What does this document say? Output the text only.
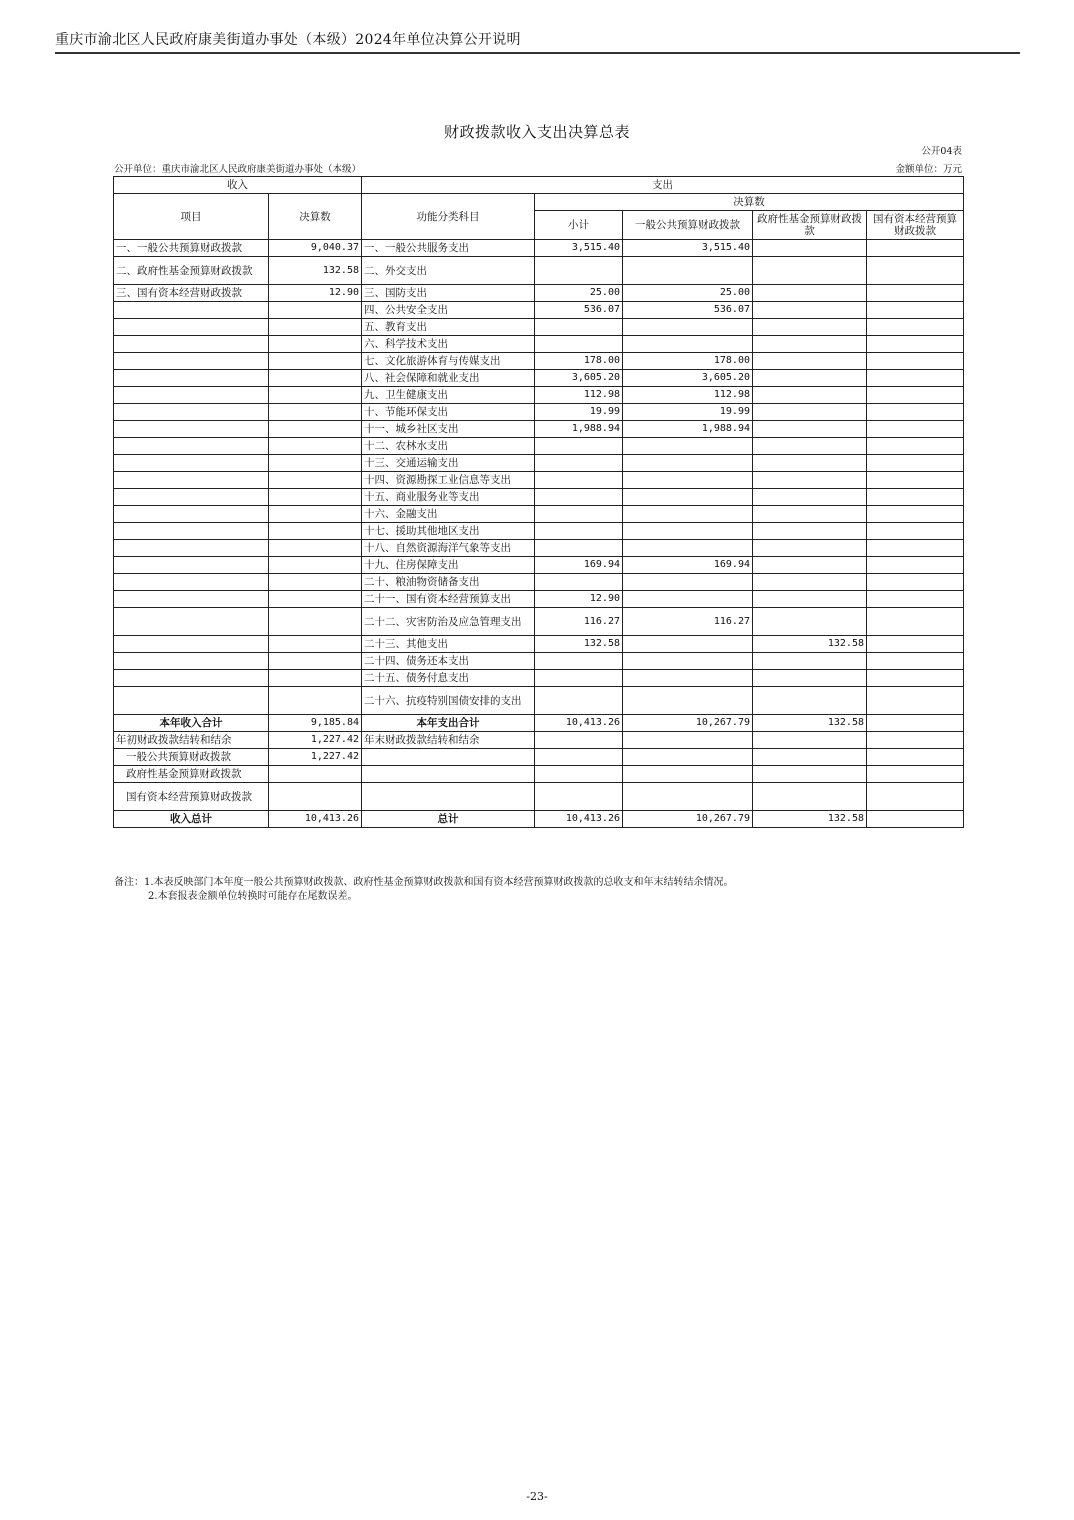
重庆市渝北区人民政府康美街道办事处（本级）2024年单位决算公开说明
财政拨款收入支出决算总表
公开04表
公开单位：重庆市渝北区人民政府康美街道办事处（本级）	金额单位：万元
收入		支出				
项目	决算数	功能分类科目	决算数			
			小计	一般公共预算财政拨款	政府性基金预算财政拨款	国有资本经营预算财政拨款
一、一般公共预算财政拨款	9,040.37	一、一般公共服务支出	3,515.40	3,515.40		
二、政府性基金预算财政拨款	132.58	二、外交支出				
三、国有资本经营财政拨款	12.90	三、国防支出	25.00	25.00		
		四、公共安全支出	536.07	536.07		
		五、教育支出				
		六、科学技术支出				
		七、文化旅游体育与传媒支出	178.00	178.00		
		八、社会保障和就业支出	3,605.20	3,605.20		
		九、卫生健康支出	112.98	112.98		
		十、节能环保支出	19.99	19.99		
		十一、城乡社区支出	1,988.94	1,988.94		
		十二、农林水支出				
		十三、交通运输支出				
		十四、资源勘探工业信息等支出				
		十五、商业服务业等支出				
		十六、金融支出				
		十七、援助其他地区支出				
		十八、自然资源海洋气象等支出				
		十九、住房保障支出	169.94	169.94		
		二十、粮油物资储备支出				
		二十一、国有资本经营预算支出	12.90			
		二十二、灾害防治及应急管理支出	116.27	116.27		
		二十三、其他支出	132.58		132.58	
		二十四、债务还本支出				
		二十五、债务付息支出				
		二十六、抗疫特别国债安排的支出				
本年收入合计	9,185.84	本年支出合计	10,413.26	10,267.79	132.58	
年初财政拨款结转和结余	1,227.42	年末财政拨款结转和结余				
一般公共预算财政拨款	1,227.42					
政府性基金预算财政拨款						
国有资本经营预算财政拨款						
收入总计	10,413.26	总计	10,413.26	10,267.79	132.58	
备注：1.本表反映部门本年度一般公共预算财政拨款、政府性基金预算财政拨款和国有资本经营预算财政拨款的总收支和年末结转结余情况。
2.本套报表金额单位转换时可能存在尾数误差。
-23-
